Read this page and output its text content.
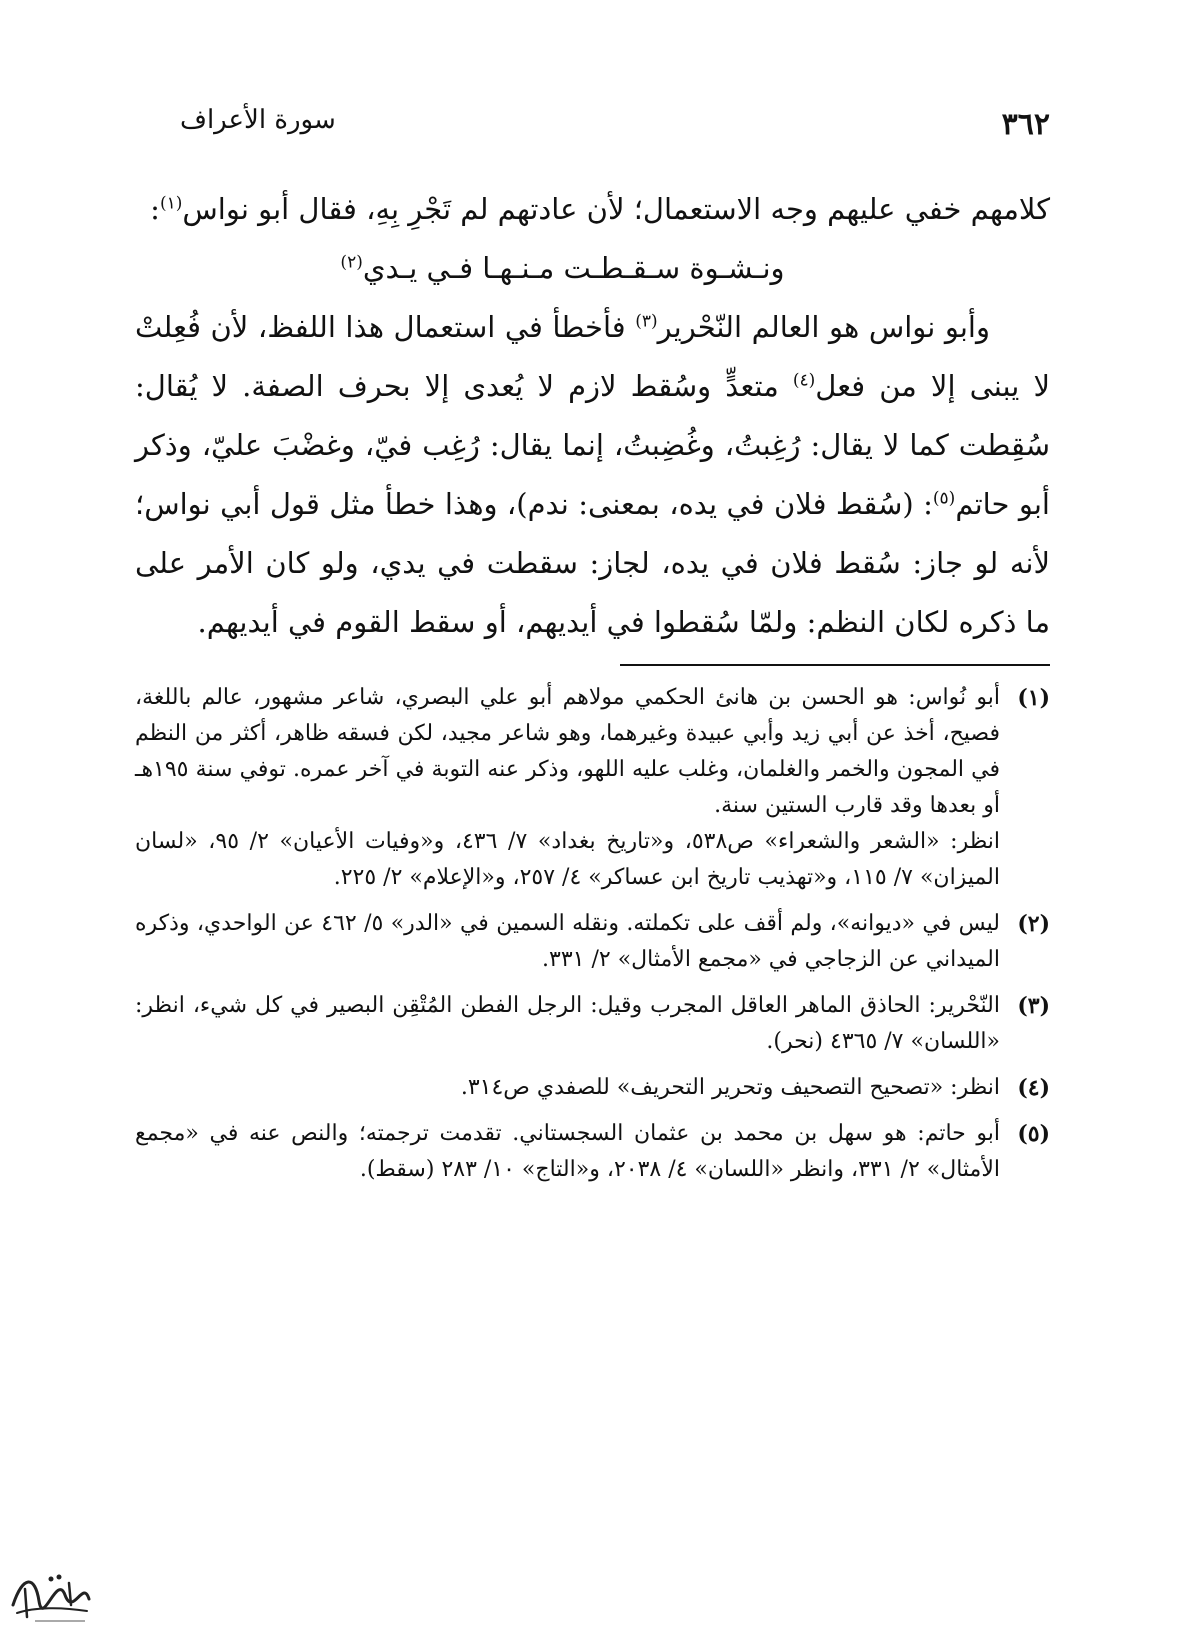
٣٦٢
سورة الأعراف

كلامهم خفي عليهم وجه الاستعمال؛ لأن عادتهم لم تَجْرِ بِهِ، فقال أبو نواس$^{(١)}$:

ونـشـوة سـقـطـت مـنـهـا فـي يـدي$^{(٢)}$

وأبو نواس هو العالم النّحْرير$^{(٣)}$ فأخطأ في استعمال هذا اللفظ، لأن فُعِلتْ لا يبنى إلا من فعل$^{(٤)}$ متعدٍّ وسُقط لازم لا يُعدى إلا بحرف الصفة. لا يُقال: سُقِطت كما لا يقال: رُغِبتُ، وغُضِبتُ، إنما يقال: رُغِب فيّ، وغضْبَ عليّ، وذكر أبو حاتم$^{(٥)}$: (سُقط فلان في يده، بمعنى: ندم)، وهذا خطأ مثل قول أبي نواس؛ لأنه لو جاز: سُقط فلان في يده، لجاز: سقطت في يدي، ولو كان الأمر على ما ذكره لكان النظم: ولمّا سُقطوا في أيديهم، أو سقط القوم في أيديهم.

(١)

أبو نُواس: هو الحسن بن هانئ الحكمي مولاهم أبو علي البصري، شاعر مشهور، عالم باللغة، فصيح، أخذ عن أبي زيد وأبي عبيدة وغيرهما، وهو شاعر مجيد، لكن فسقه ظاهر، أكثر من النظم في المجون والخمر والغلمان، وغلب عليه اللهو، وذكر عنه التوبة في آخر عمره. توفي سنة ١٩٥هـ أو بعدها وقد قارب الستين سنة.

انظر: «الشعر والشعراء» ص٥٣٨، و«تاريخ بغداد» ٧/ ٤٣٦، و«وفيات الأعيان» ٢/ ٩٥، «لسان الميزان» ٧/ ١١٥، و«تهذيب تاريخ ابن عساكر» ٤/ ٢٥٧، و«الإعلام» ٢/ ٢٢٥.

(٢)

ليس في «ديوانه»، ولم أقف على تكملته. ونقله السمين في «الدر» ٥/ ٤٦٢ عن الواحدي، وذكره الميداني عن الزجاجي في «مجمع الأمثال» ٢/ ٣٣١.

(٣)

النّحْرير: الحاذق الماهر العاقل المجرب وقيل: الرجل الفطن المُتْقِن البصير في كل شيء، انظر: «اللسان» ٧/ ٤٣٦٥ (نحر).

(٤)

انظر: «تصحيح التصحيف وتحرير التحريف» للصفدي ص٣١٤.

(٥)

أبو حاتم: هو سهل بن محمد بن عثمان السجستاني. تقدمت ترجمته؛ والنص عنه في «مجمع الأمثال» ٢/ ٣٣١، وانظر «اللسان» ٤/ ٢٠٣٨، و«التاج» ١٠/ ٢٨٣ (سقط).
